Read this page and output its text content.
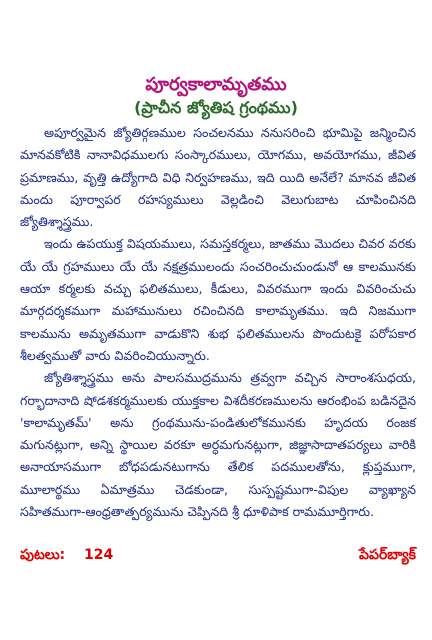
పూర్వకాలామృతము
(ప్రాచీన జ్యోతిష గ్రంథము)

అపూర్వమైన జ్యోతిర్గణముల సంచలనము ననుసరించి భూమిపై జన్మించిన మానవకోటికి నానావిధములగు సంస్కారములు, యోగము, అవయోగము, జీవిత ప్రమాణము, వృత్తి ఉద్యోగాది విధి నిర్వహణము, ఇది యిది అనేలే? మానవ జీవిత మందు పూర్వాపర రహస్యములు వెల్లడించి వెలుగుబాట చూపించినది జ్యోతిశ్శాస్త్రము.

ఇందు ఉపయుక్త విషయములు, సమస్తకర్మలు, జాతము మొదలు చివర వరకు యే యే గ్రహములు యే యే నక్షత్రములందు సంచరించుచుండునో ఆ కాలమునకు ఆయా కర్మలకు వచ్చు ఫలితములు, కీడులు, వివరముగా ఇందు వివరించుచు మార్గదర్శకముగా మహామునులు రచించినది కాలామృతము. ఇది నిజముగా కాలమును అమృతముగా వాడుకొని శుభ ఫలితములను పొందుటకై పరోపకార శీలత్వముతో వారు వివరించియున్నారు.

జ్యోతిశ్శాస్త్రము అను పాలసముద్రమును త్రవ్వగా వచ్చిన సారాంశసుధయ, గర్భాదానాది షోడశకర్మములకు యుక్తకాల విశదీకరణములను ఆరంభింప బడినదైన 'కాలామృతమ్' అను గ్రంథమును-పండితులోకమునకు హృదయ రంజక మగునట్లుగా, అన్ని స్థాయిల వరకూ అర్ధమగునట్లుగా, జిజ్ఞాసాదాతపర్యలు వారికి అనాయాసముగా బోధపడునటుగాను తేలిక పదములతోను, క్లుప్తముగా, మూలార్థము ఏమాత్రము చెడకుండా, సుస్పష్టముగా-విపుల వ్యాఖ్యాన సహితముగా-ఆంధ్రతాత్పర్యమును చెప్పినది శ్రీ ధూళిపాక రామమూర్తిగారు.

పుటలు: 124	పేపర్‌బ్యాక్
